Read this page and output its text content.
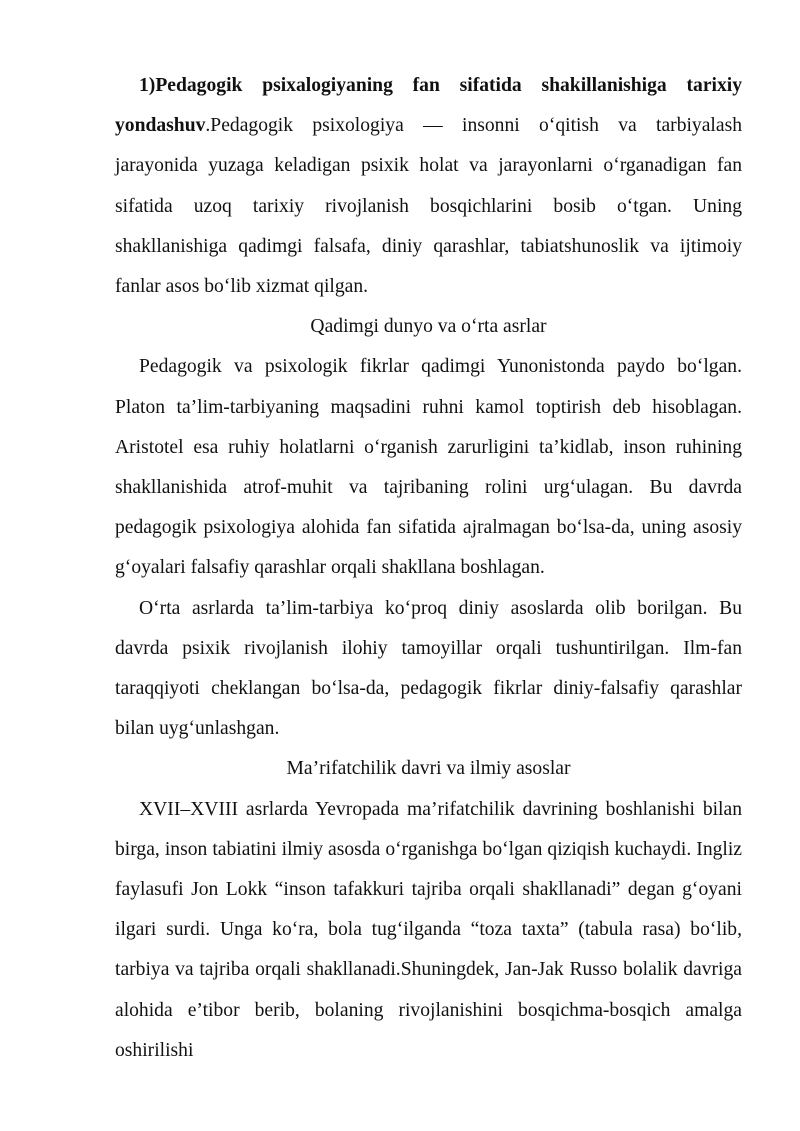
1)Pedagogik psixalogiyaning fan sifatida shakillanishiga tarixiy yondashuv.Pedagogik psixologiya — insonni o‘qitish va tarbiyalash jarayonida yuzaga keladigan psixik holat va jarayonlarni o‘rganadigan fan sifatida uzoq tarixiy rivojlanish bosqichlarini bosib o‘tgan. Uning shakllanishiga qadimgi falsafa, diniy qarashlar, tabiatshunoslik va ijtimoiy fanlar asos bo‘lib xizmat qilgan.

Qadimgi dunyo va o‘rta asrlar

Pedagogik va psixologik fikrlar qadimgi Yunonistonda paydo bo‘lgan. Platon ta’lim-tarbiyaning maqsadini ruhni kamol toptirish deb hisoblagan. Aristotel esa ruhiy holatlarni o‘rganish zarurligini ta’kidlab, inson ruhining shakllanishida atrof-muhit va tajribaning rolini urg‘ulagan. Bu davrda pedagogik psixologiya alohida fan sifatida ajralmagan bo‘lsa-da, uning asosiy g‘oyalari falsafiy qarashlar orqali shakllana boshlagan.

O‘rta asrlarda ta’lim-tarbiya ko‘proq diniy asoslarda olib borilgan. Bu davrda psixik rivojlanish ilohiy tamoyillar orqali tushuntirilgan. Ilm-fan taraqqiyoti cheklangan bo‘lsa-da, pedagogik fikrlar diniy-falsafiy qarashlar bilan uyg‘unlashgan.

Ma’rifatchilik davri va ilmiy asoslar

XVII–XVIII asrlarda Yevropada ma’rifatchilik davrining boshlanishi bilan birga, inson tabiatini ilmiy asosda o‘rganishga bo‘lgan qiziqish kuchaydi. Ingliz faylasufi Jon Lokk “inson tafakkuri tajriba orqali shakllanadi” degan g‘oyani ilgari surdi. Unga ko‘ra, bola tug‘ilganda “toza taxta” (tabula rasa) bo‘lib, tarbiya va tajriba orqali shakllanadi.Shuningdek, Jan-Jak Russo bolalik davriga alohida e’tibor berib, bolaning rivojlanishini bosqichma-bosqich amalga oshirilishi
